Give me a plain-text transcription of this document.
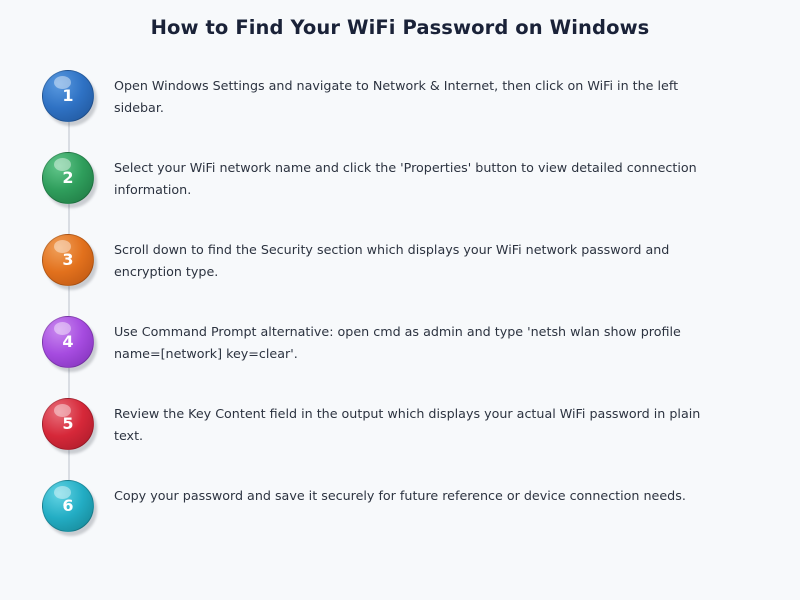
How to Find Your WiFi Password on Windows
1
Open Windows Settings and navigate to Network & Internet, then click on WiFi in the left sidebar.
2
Select your WiFi network name and click the 'Properties' button to view detailed connection information.
3
Scroll down to find the Security section which displays your WiFi network password and encryption type.
4
Use Command Prompt alternative: open cmd as admin and type 'netsh wlan show profile name=[network] key=clear'.
5
Review the Key Content field in the output which displays your actual WiFi password in plain text.
6
Copy your password and save it securely for future reference or device connection needs.
